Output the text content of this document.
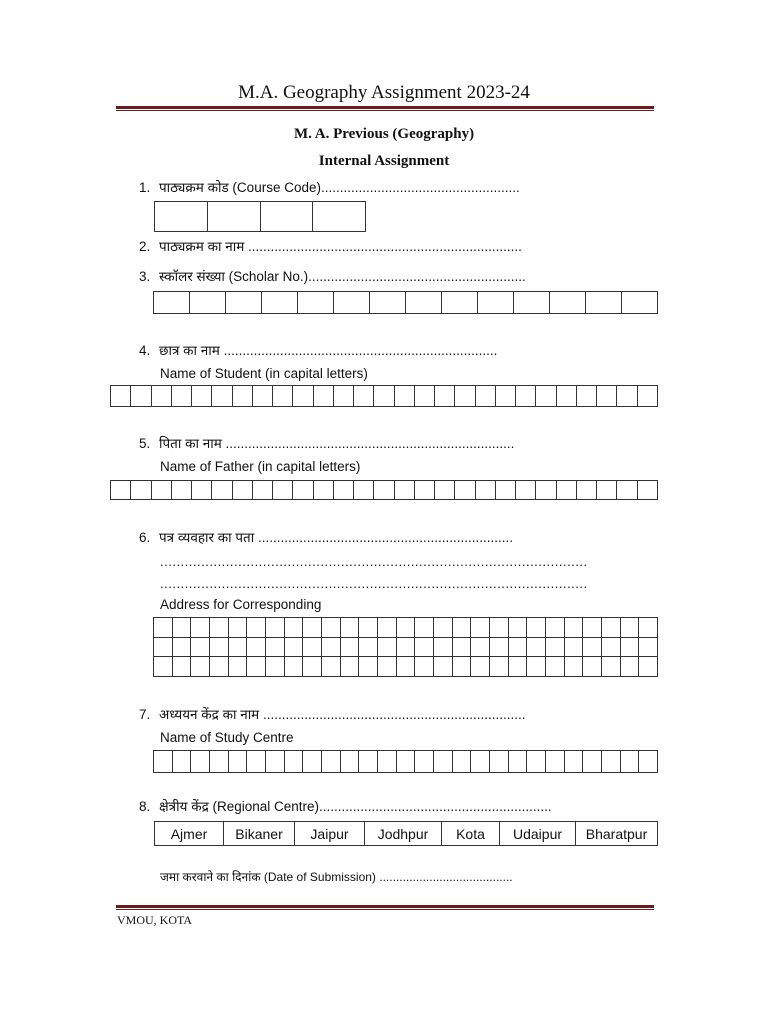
M.A. Geography Assignment 2023-24
M. A. Previous (Geography)
Internal Assignment
1. पाठ्यक्रम कोड (Course Code).....................................................
2. पाठ्यक्रम का नाम .........................................................................
3. स्कॉलर संख्या (Scholar No.)..........................................................
4. छात्र का नाम .........................................................................
Name of Student (in capital letters)
5. पिता का नाम .............................................................................
Name of Father (in capital letters)
6. पत्र व्यवहार का पता ....................................................................
........................................................................................................
........................................................................................................
Address for Corresponding
7. अध्ययन केंद्र का नाम ......................................................................
Name of Study Centre
8. क्षेत्रीय केंद्र (Regional Centre)..............................................................
Ajmer	Bikaner	Jaipur	Jodhpur	Kota	Udaipur	Bharatpur
जमा करवाने का दिनांक (Date of Submission) ........................................
VMOU, KOTA
